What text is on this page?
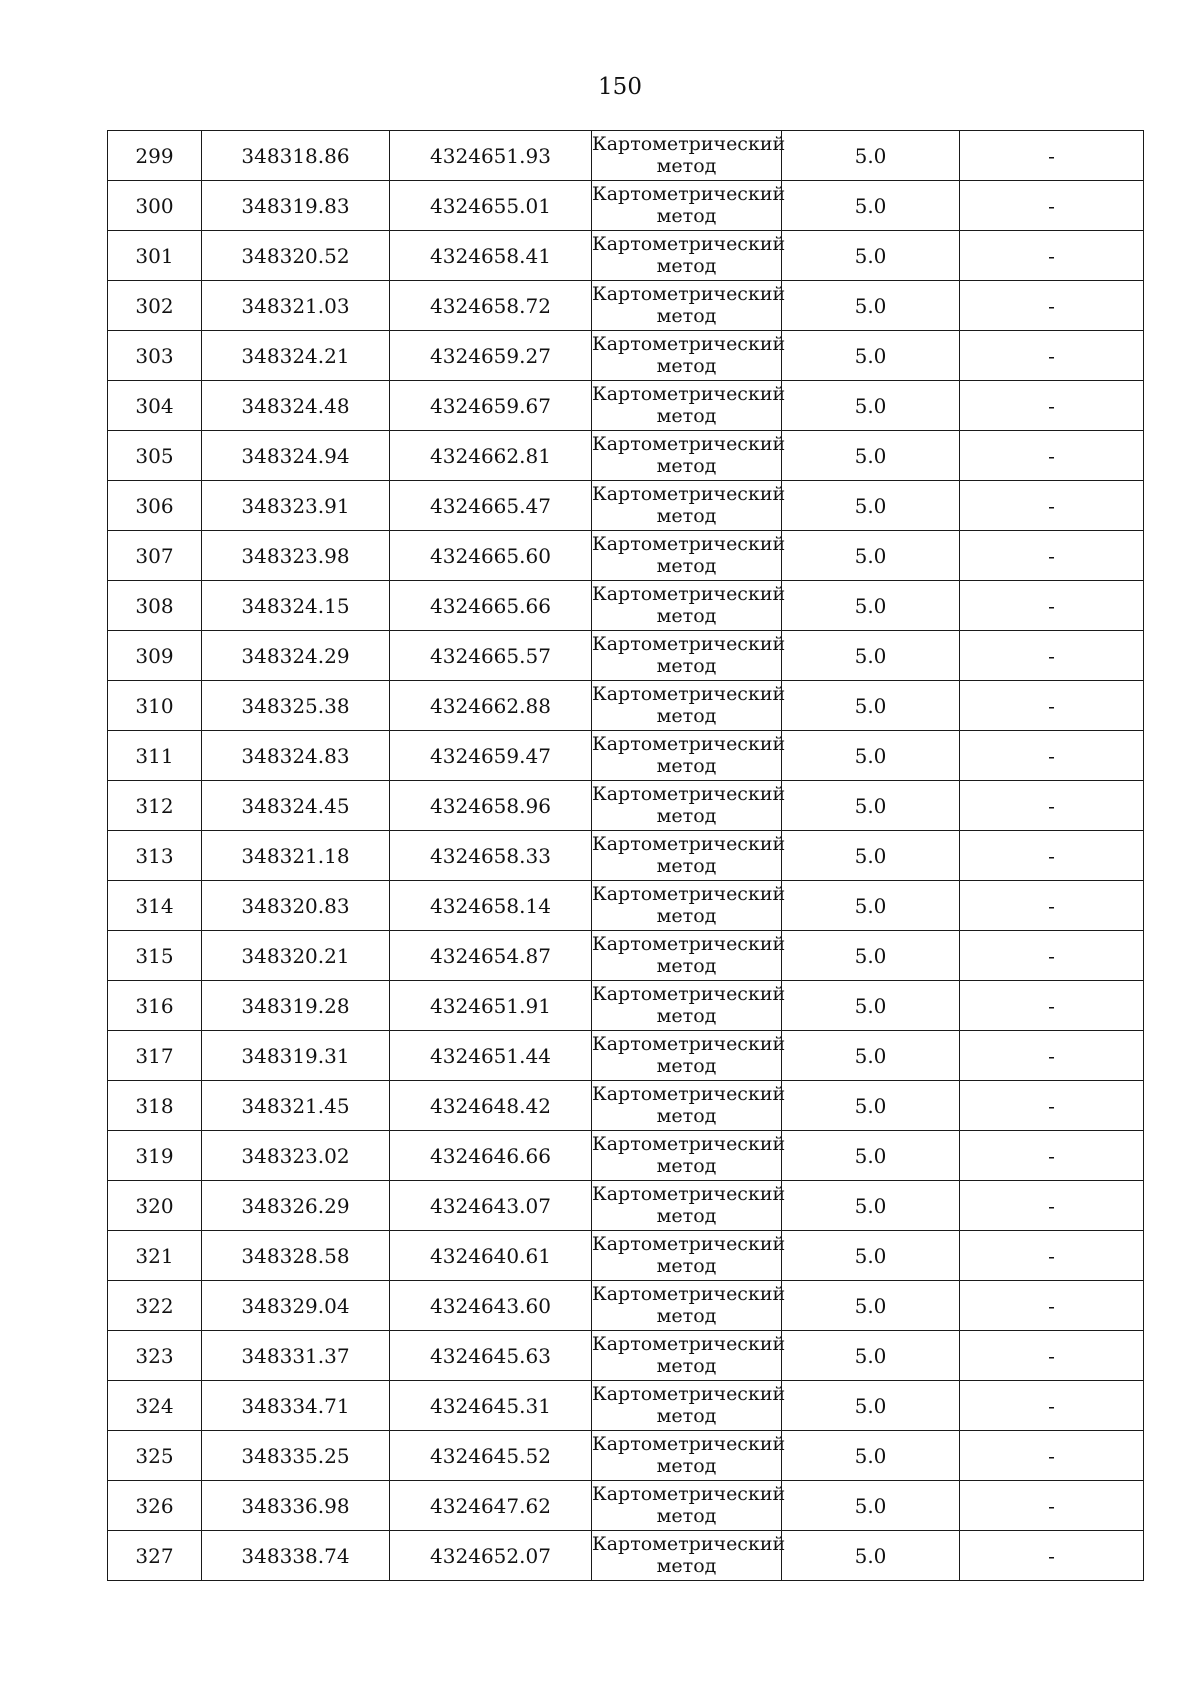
150
299	348318.86	4324651.93	Картометрический
метод	5.0	-
300	348319.83	4324655.01	Картометрический
метод	5.0	-
301	348320.52	4324658.41	Картометрический
метод	5.0	-
302	348321.03	4324658.72	Картометрический
метод	5.0	-
303	348324.21	4324659.27	Картометрический
метод	5.0	-
304	348324.48	4324659.67	Картометрический
метод	5.0	-
305	348324.94	4324662.81	Картометрический
метод	5.0	-
306	348323.91	4324665.47	Картометрический
метод	5.0	-
307	348323.98	4324665.60	Картометрический
метод	5.0	-
308	348324.15	4324665.66	Картометрический
метод	5.0	-
309	348324.29	4324665.57	Картометрический
метод	5.0	-
310	348325.38	4324662.88	Картометрический
метод	5.0	-
311	348324.83	4324659.47	Картометрический
метод	5.0	-
312	348324.45	4324658.96	Картометрический
метод	5.0	-
313	348321.18	4324658.33	Картометрический
метод	5.0	-
314	348320.83	4324658.14	Картометрический
метод	5.0	-
315	348320.21	4324654.87	Картометрический
метод	5.0	-
316	348319.28	4324651.91	Картометрический
метод	5.0	-
317	348319.31	4324651.44	Картометрический
метод	5.0	-
318	348321.45	4324648.42	Картометрический
метод	5.0	-
319	348323.02	4324646.66	Картометрический
метод	5.0	-
320	348326.29	4324643.07	Картометрический
метод	5.0	-
321	348328.58	4324640.61	Картометрический
метод	5.0	-
322	348329.04	4324643.60	Картометрический
метод	5.0	-
323	348331.37	4324645.63	Картометрический
метод	5.0	-
324	348334.71	4324645.31	Картометрический
метод	5.0	-
325	348335.25	4324645.52	Картометрический
метод	5.0	-
326	348336.98	4324647.62	Картометрический
метод	5.0	-
327	348338.74	4324652.07	Картометрический
метод	5.0	-
